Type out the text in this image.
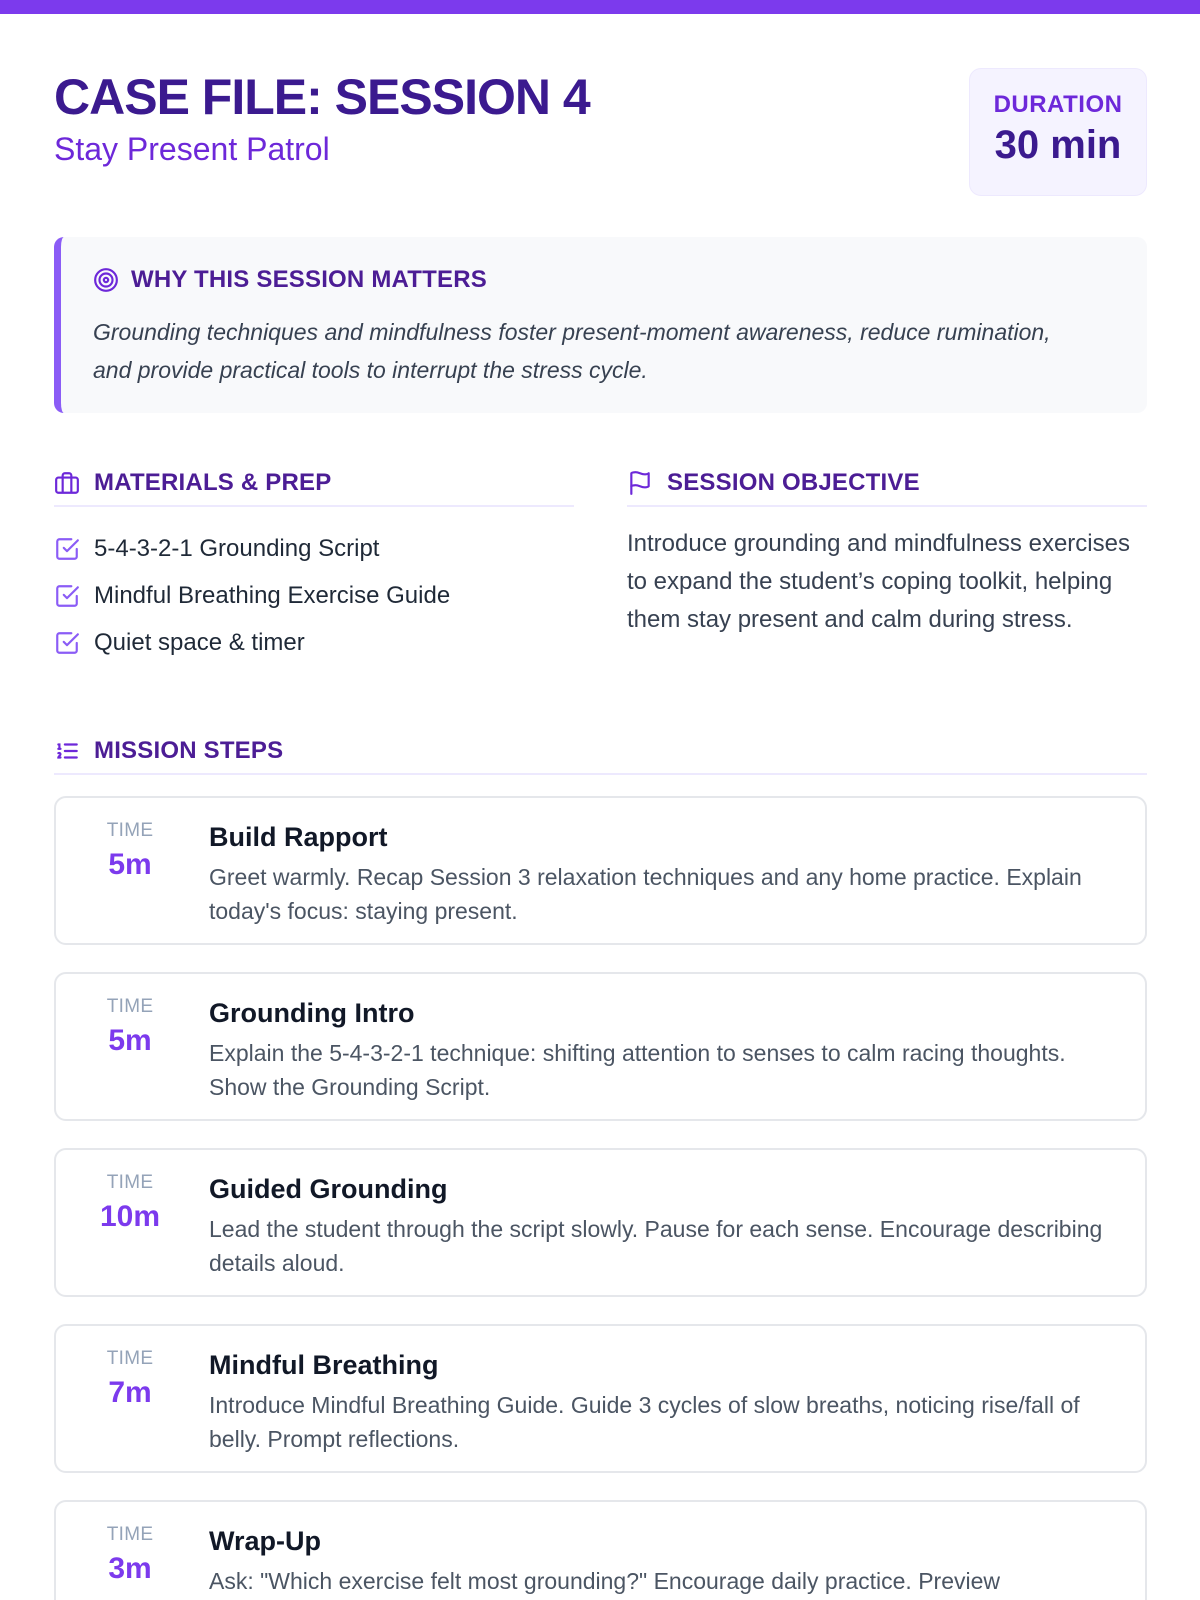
CASE FILE: SESSION 4
Stay Present Patrol
DURATION
30 min
WHY THIS SESSION MATTERS
Grounding techniques and mindfulness foster present-moment awareness, reduce rumination, and provide practical tools to interrupt the stress cycle.
MATERIALS & PREP
5-4-3-2-1 Grounding Script
Mindful Breathing Exercise Guide
Quiet space & timer
SESSION OBJECTIVE
Introduce grounding and mindfulness exercises to expand the student’s coping toolkit, helping them stay present and calm during stress.
MISSION STEPS
TIME
5m
Build Rapport
Greet warmly. Recap Session 3 relaxation techniques and any home practice. Explain today's focus: staying present.
TIME
5m
Grounding Intro
Explain the 5-4-3-2-1 technique: shifting attention to senses to calm racing thoughts. Show the Grounding Script.
TIME
10m
Guided Grounding
Lead the student through the script slowly. Pause for each sense. Encourage describing details aloud.
TIME
7m
Mindful Breathing
Introduce Mindful Breathing Guide. Guide 3 cycles of slow breaths, noticing rise/fall of belly. Prompt reflections.
TIME
3m
Wrap-Up
Ask: "Which exercise felt most grounding?" Encourage daily practice. Preview
